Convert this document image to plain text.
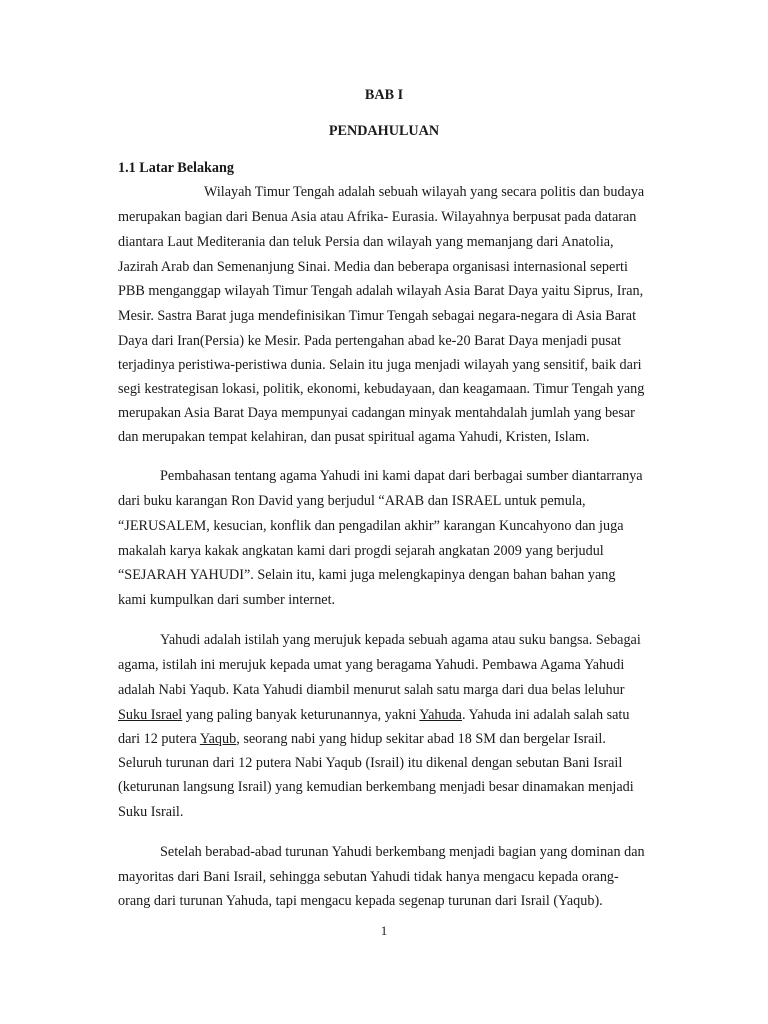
BAB I
PENDAHULUAN
1.1 Latar Belakang
Wilayah Timur Tengah adalah sebuah wilayah yang secara politis dan budaya
merupakan bagian dari Benua Asia atau Afrika- Eurasia. Wilayahnya berpusat pada dataran
diantara Laut Mediterania dan teluk Persia dan wilayah yang memanjang dari Anatolia,
Jazirah Arab dan Semenanjung Sinai. Media dan beberapa organisasi internasional seperti
PBB menganggap wilayah Timur Tengah adalah wilayah Asia Barat Daya yaitu Siprus, Iran,
Mesir. Sastra Barat juga mendefinisikan Timur Tengah sebagai negara-negara di Asia Barat
Daya dari Iran(Persia) ke Mesir. Pada pertengahan abad ke-20 Barat Daya menjadi pusat
terjadinya peristiwa-peristiwa dunia. Selain itu juga menjadi wilayah yang sensitif, baik dari
segi kestrategisan lokasi, politik, ekonomi, kebudayaan, dan keagamaan. Timur Tengah yang
merupakan Asia Barat Daya mempunyai cadangan minyak mentahdalah jumlah yang besar
dan merupakan tempat kelahiran, dan pusat spiritual agama Yahudi, Kristen, Islam.
Pembahasan tentang agama Yahudi ini kami dapat dari berbagai sumber diantarranya
dari buku karangan Ron David yang berjudul “ARAB dan ISRAEL untuk pemula,
“JERUSALEM, kesucian, konflik dan pengadilan akhir” karangan Kuncahyono dan juga
makalah karya kakak angkatan kami dari progdi sejarah angkatan 2009 yang berjudul
“SEJARAH YAHUDI”. Selain itu, kami juga melengkapinya dengan bahan bahan yang
kami kumpulkan dari sumber internet.
Yahudi adalah istilah yang merujuk kepada sebuah agama atau suku bangsa. Sebagai
agama, istilah ini merujuk kepada umat yang beragama Yahudi. Pembawa Agama Yahudi
adalah Nabi Yaqub. Kata Yahudi diambil menurut salah satu marga dari dua belas leluhur
Suku Israel yang paling banyak keturunannya, yakni Yahuda. Yahuda ini adalah salah satu
dari 12 putera Yaqub, seorang nabi yang hidup sekitar abad 18 SM dan bergelar Israil.
Seluruh turunan dari 12 putera Nabi Yaqub (Israil) itu dikenal dengan sebutan Bani Israil
(keturunan langsung Israil) yang kemudian berkembang menjadi besar dinamakan menjadi
Suku Israil.
Setelah berabad-abad turunan Yahudi berkembang menjadi bagian yang dominan dan
mayoritas dari Bani Israil, sehingga sebutan Yahudi tidak hanya mengacu kepada orang-
orang dari turunan Yahuda, tapi mengacu kepada segenap turunan dari Israil (Yaqub).
1
